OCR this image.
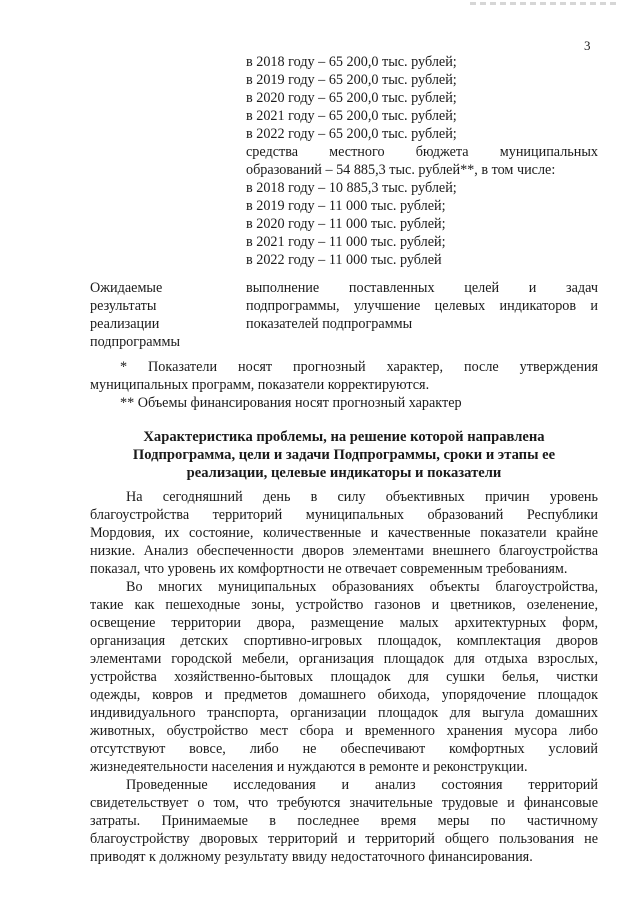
3
в 2018 году – 65 200,0 тыс. рублей;
в 2019 году – 65 200,0 тыс. рублей;
в 2020 году – 65 200,0 тыс. рублей;
в 2021 году – 65 200,0 тыс. рублей;
в 2022 году – 65 200,0 тыс. рублей;
средства местного бюджета муниципальных
образований – 54 885,3 тыс. рублей**, в том числе:
в 2018 году – 10 885,3 тыс. рублей;
в 2019 году – 11 000 тыс. рублей;
в 2020 году – 11 000 тыс. рублей;
в 2021 году – 11 000 тыс. рублей;
в 2022 году – 11 000 тыс. рублей
Ожидаемые
результаты
реализации
подпрограммы
выполнение поставленных целей и задач
подпрограммы, улучшение целевых индикаторов и
показателей подпрограммы
* Показатели носят прогнозный характер, после утверждения
муниципальных программ, показатели корректируются.
** Объемы финансирования носят прогнозный характер
Характеристика проблемы, на решение которой направлена
Подпрограмма, цели и задачи Подпрограммы, сроки и этапы ее
реализации, целевые индикаторы и показатели
На сегодняшний день в силу объективных причин уровень
благоустройства территорий муниципальных образований Республики
Мордовия, их состояние, количественные и качественные показатели крайне
низкие. Анализ обеспеченности дворов элементами внешнего благоустройства
показал, что уровень их комфортности не отвечает современным требованиям.
Во многих муниципальных образованиях объекты благоустройства,
такие как пешеходные зоны, устройство газонов и цветников, озеленение,
освещение территории двора, размещение малых архитектурных форм,
организация детских спортивно-игровых площадок, комплектация дворов
элементами городской мебели, организация площадок для отдыха взрослых,
устройства хозяйственно-бытовых площадок для сушки белья, чистки
одежды, ковров и предметов домашнего обихода, упорядочение площадок
индивидуального транспорта, организации площадок для выгула домашних
животных, обустройство мест сбора и временного хранения мусора либо
отсутствуют вовсе, либо не обеспечивают комфортных условий
жизнедеятельности населения и нуждаются в ремонте и реконструкции.
Проведенные исследования и анализ состояния территорий
свидетельствует о том, что требуются значительные трудовые и финансовые
затраты. Принимаемые в последнее время меры по частичному
благоустройству дворовых территорий и территорий общего пользования не
приводят к должному результату ввиду недостаточного финансирования.
